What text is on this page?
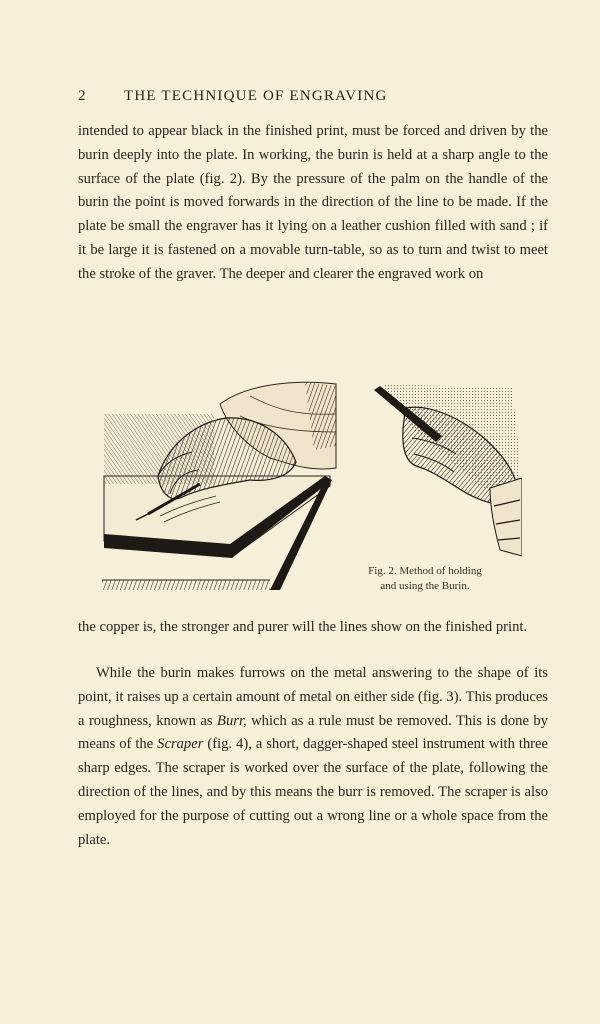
2 THE TECHNIQUE OF ENGRAVING

intended to appear black in the finished print, must be forced and driven by the burin deeply into the plate. In working, the burin is held at a sharp angle to the surface of the plate (fig. 2). By the pressure of the palm on the handle of the burin the point is moved forwards in the direction of the line to be made. If the plate be small the engraver has it lying on a leather cushion filled with sand ; if it be large it is fastened on a movable turn-table, so as to turn and twist to meet the stroke of the graver. The deeper and clearer the engraved work on

Fig. 2. Method of holding
and using the Burin.

the copper is, the stronger and purer will the lines show on the finished print.

While the burin makes furrows on the metal answering to the shape of its point, it raises up a certain amount of metal on either side (fig. 3). This produces a roughness, known as Burr, which as a rule must be removed. This is done by means of the Scraper (fig. 4), a short, dagger-shaped steel instrument with three sharp edges. The scraper is worked over the surface of the plate, following the direction of the lines, and by this means the burr is removed. The scraper is also employed for the purpose of cutting out a wrong line or a whole space from the plate.
